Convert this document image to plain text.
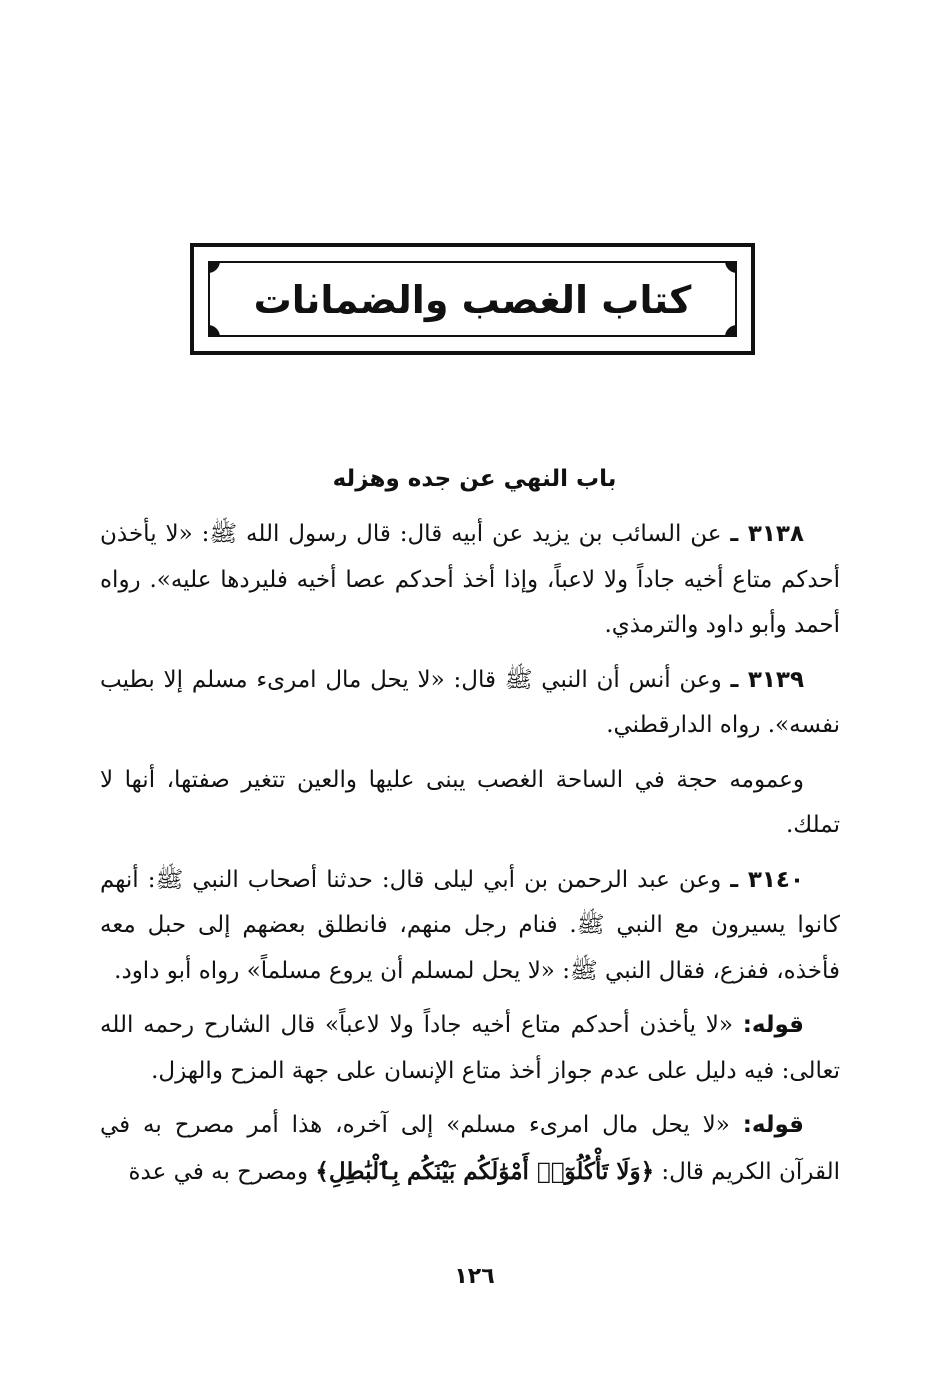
كتاب الغصب والضمانات
باب النهي عن جده وهزله

٣١٣٨ ـ عن السائب بن يزيد عن أبيه قال: قال رسول الله ﷺ: «لا يأخذن أحدكم متاع أخيه جاداً ولا لاعباً، وإذا أخذ أحدكم عصا أخيه فليردها عليه». رواه أحمد وأبو داود والترمذي.

٣١٣٩ ـ وعن أنس أن النبي ﷺ قال: «لا يحل مال امرىء مسلم إلا بطيب نفسه». رواه الدارقطني.

وعمومه حجة في الساحة الغصب يبنى عليها والعين تتغير صفتها، أنها لا تملك.

٣١٤٠ ـ وعن عبد الرحمن بن أبي ليلى قال: حدثنا أصحاب النبي ﷺ: أنهم كانوا يسيرون مع النبي ﷺ. فنام رجل منهم، فانطلق بعضهم إلى حبل معه فأخذه، ففزع، فقال النبي ﷺ: «لا يحل لمسلم أن يروع مسلماً» رواه أبو داود.

قوله: «لا يأخذن أحدكم متاع أخيه جاداً ولا لاعباً» قال الشارح رحمه الله تعالى: فيه دليل على عدم جواز أخذ متاع الإنسان على جهة المزح والهزل.

قوله: «لا يحل مال امرىء مسلم» إلى آخره، هذا أمر مصرح به في القرآن الكريم قال: ﴿وَلَا تَأْكُلُوٓا۟ أَمْوَٰلَكُم بَيْنَكُم بِٱلْبَٰطِلِ﴾ ومصرح به في عدة

١٢٦
